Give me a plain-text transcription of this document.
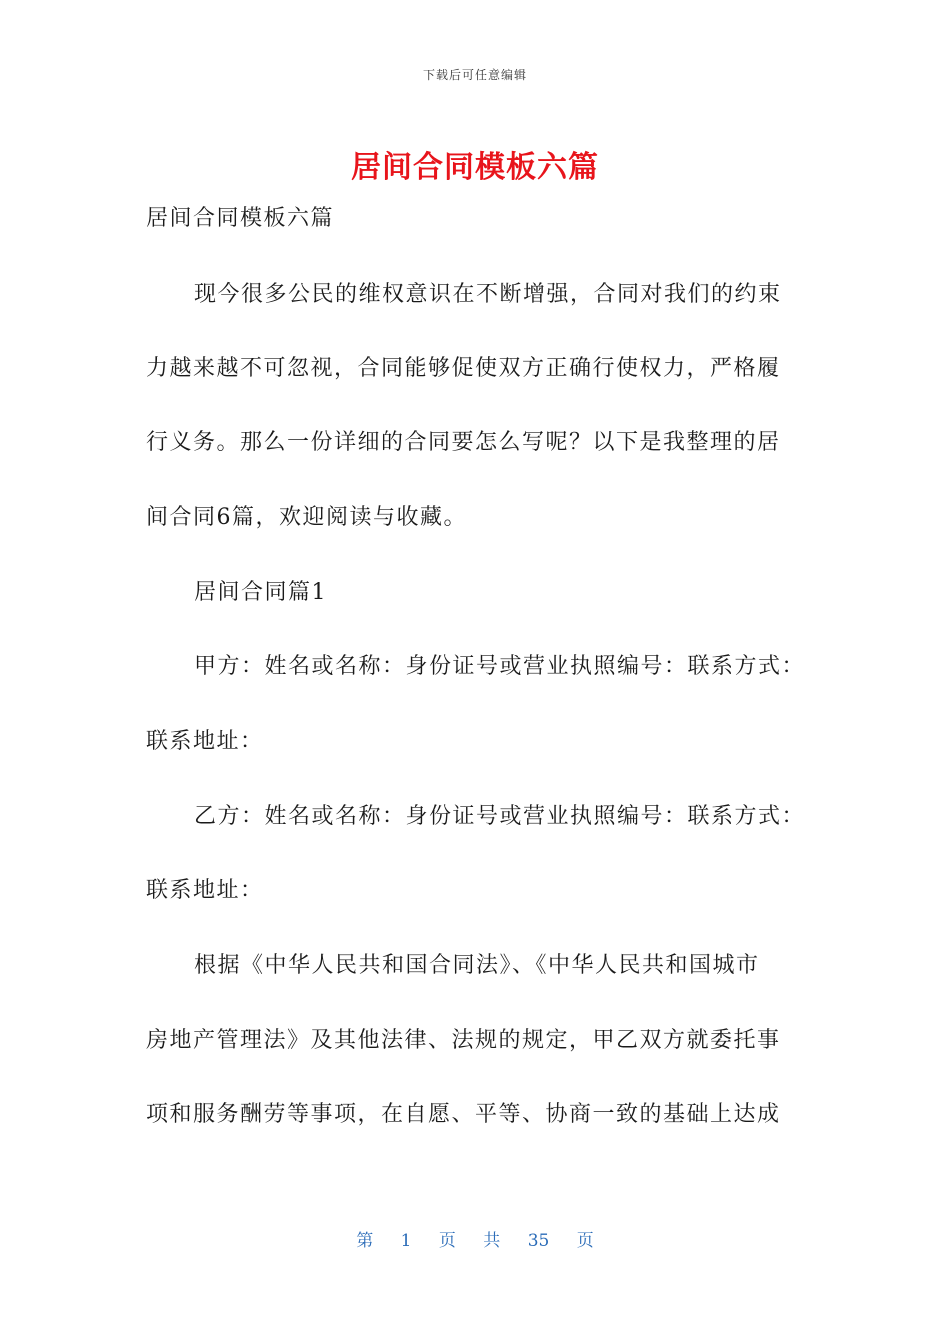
下载后可任意编辑
居间合同模板六篇
居间合同模板六篇
现今很多公民的维权意识在不断增强，合同对我们的约束
力越来越不可忽视，合同能够促使双方正确行使权力，严格履
行义务。那么一份详细的合同要怎么写呢？以下是我整理的居
间合同6篇，欢迎阅读与收藏。
居间合同篇1
甲方：姓名或名称：身份证号或营业执照编号：联系方式：
联系地址：
乙方：姓名或名称：身份证号或营业执照编号：联系方式：
联系地址：
根据《中华人民共和国合同法》、《中华人民共和国城市
房地产管理法》及其他法律、法规的规定，甲乙双方就委托事
项和服务酬劳等事项，在自愿、平等、协商一致的基础上达成
第 1 页 共 35 页
